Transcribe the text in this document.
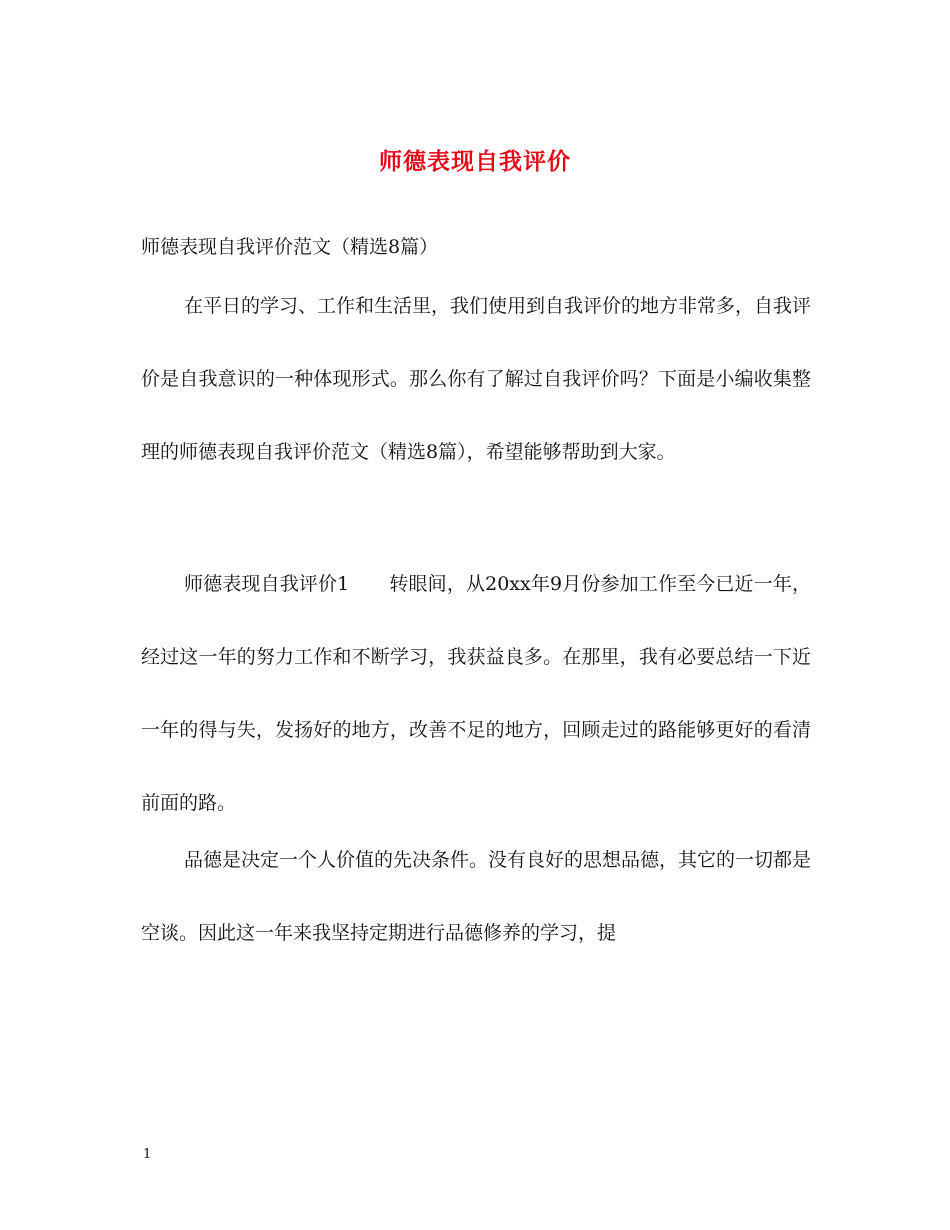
师德表现自我评价

师德表现自我评价范文（精选8篇）

在平日的学习、工作和生活里，我们使用到自我评价的地方非常多，自我评价是自我意识的一种体现形式。那么你有了解过自我评价吗？下面是小编收集整理的师德表现自我评价范文（精选8篇），希望能够帮助到大家。

师德表现自我评价1 转眼间，从20xx年9月份参加工作至今已近一年，经过这一年的努力工作和不断学习，我获益良多。在那里，我有必要总结一下近一年的得与失，发扬好的地方，改善不足的地方，回顾走过的路能够更好的看清前面的路。

品德是决定一个人价值的先决条件。没有良好的思想品德，其它的一切都是空谈。因此这一年来我坚持定期进行品德修养的学习，提

1
